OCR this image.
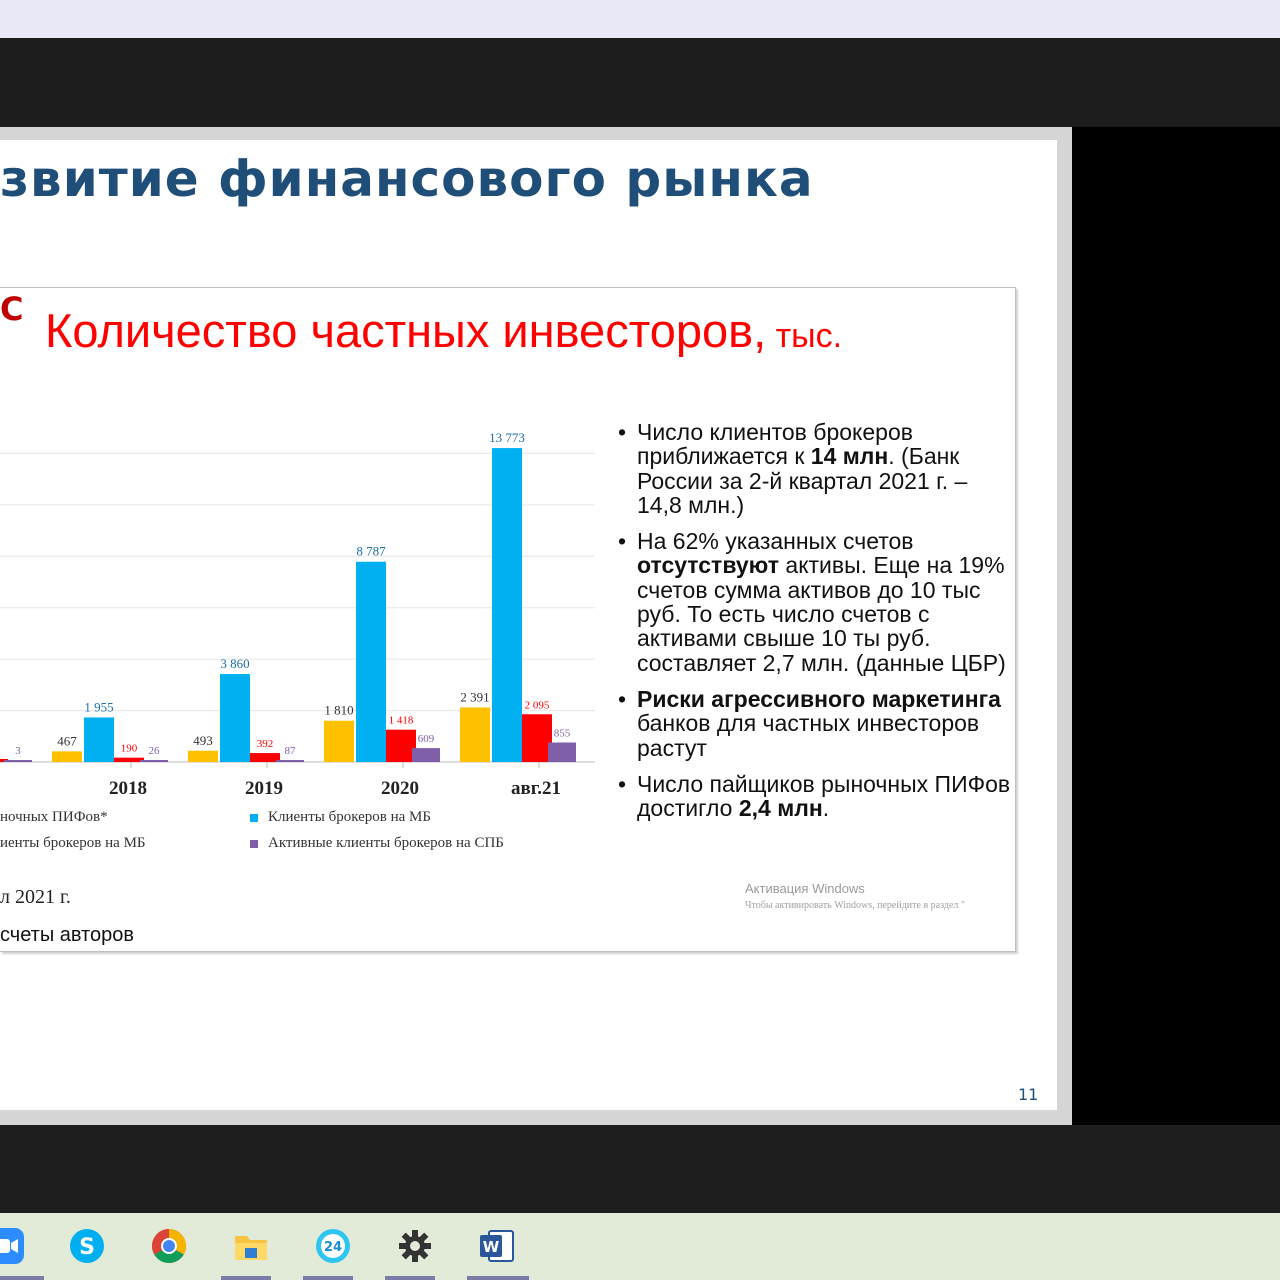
звитие финансового рынка
С Количество частных инвесторов, тыс.
3
467
1 955
190 26
2018
493
3 860
392
87
2019
1 810
8 787
1 418
609
2020
2 391
13 773
2 095
855
авг.21
ночных ПИФов*	Клиенты брокеров на МБ
иенты брокеров на МБ	Активные клиенты брокеров на СПБ
л 2021 г.
счеты авторов
• Число клиентов брокеров приближается к 14 млн. (Банк России за 2-й квартал 2021 г. – 14,8 млн.)
• На 62% указанных счетов отсутствуют активы. Еще на 19% счетов сумма активов до 10 тыс руб. То есть число счетов с активами свыше 10 ты руб. составляет 2,7 млн. (данные ЦБР)
• Риски агрессивного маркетинга банков для частных инвесторов растут
• Число пайщиков рыночных ПИФов достигло 2,4 млн.
Активация Windows
Чтобы активировать Windows, перейдите в раздел "
11
S	24	W
